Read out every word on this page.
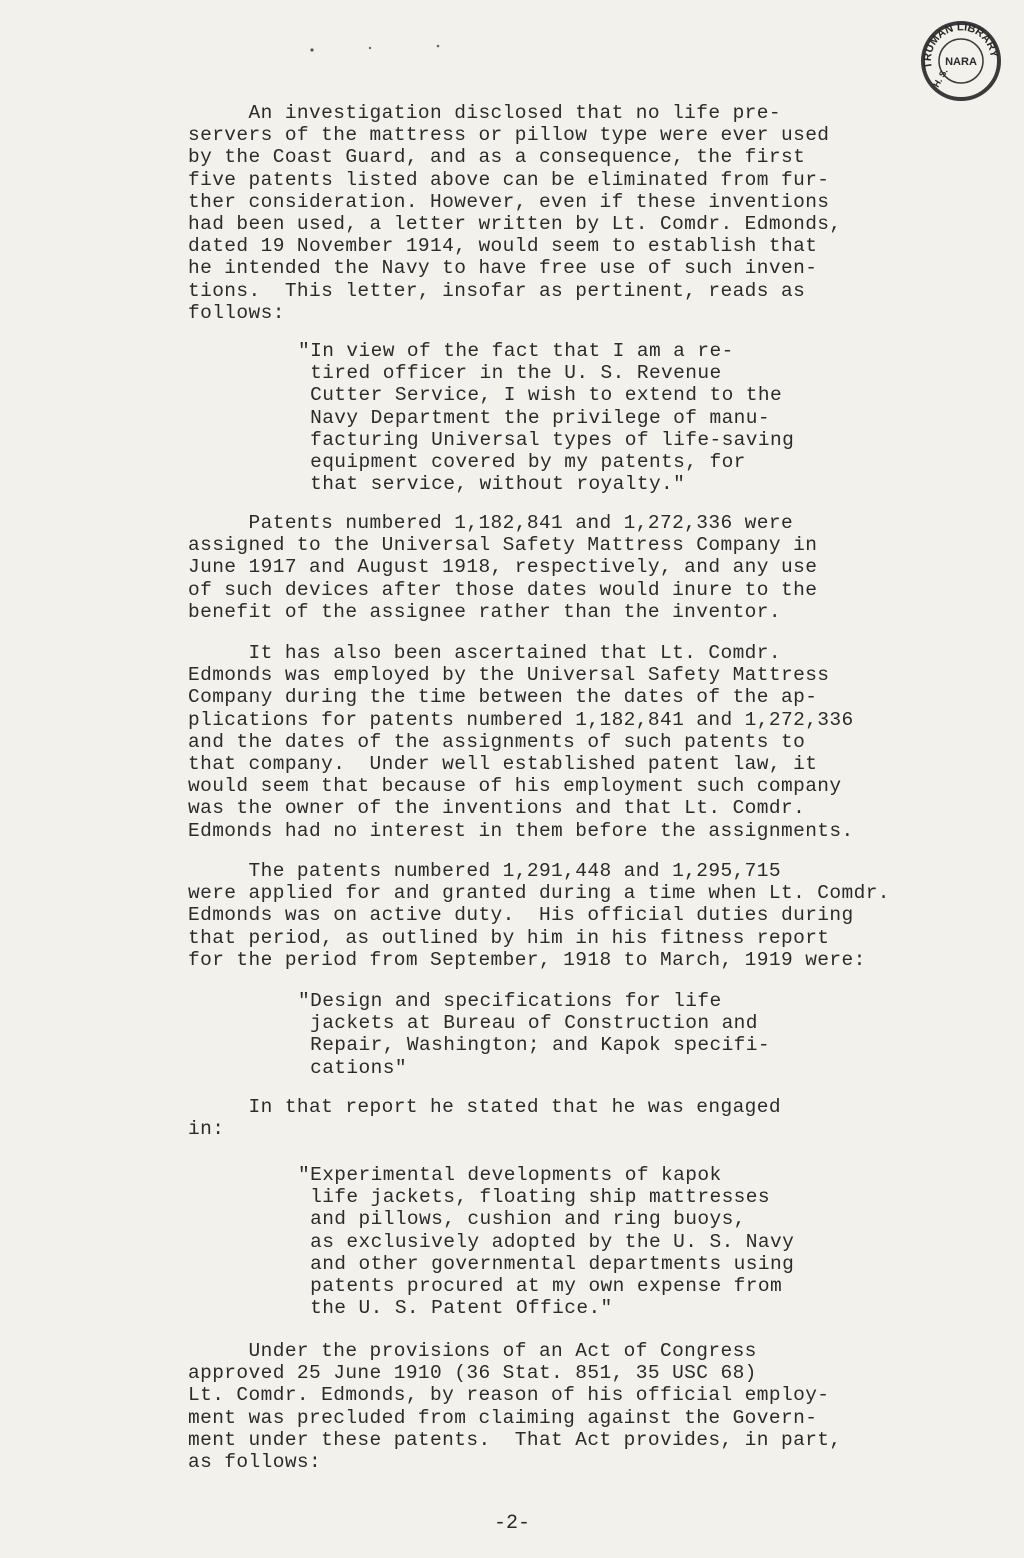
TRUMAN LIBRARY
NARA
H. S.
An investigation disclosed that no life pre-
servers of the mattress or pillow type were ever used
by the Coast Guard, and as a consequence, the first
five patents listed above can be eliminated from fur-
ther consideration. However, even if these inventions
had been used, a letter written by Lt. Comdr. Edmonds,
dated 19 November 1914, would seem to establish that
he intended the Navy to have free use of such inven-
tions.  This letter, insofar as pertinent, reads as
follows:
"In view of the fact that I am a re-
tired officer in the U. S. Revenue
Cutter Service, I wish to extend to the
Navy Department the privilege of manu-
facturing Universal types of life-saving
equipment covered by my patents, for
that service, without royalty."
Patents numbered 1,182,841 and 1,272,336 were
assigned to the Universal Safety Mattress Company in
June 1917 and August 1918, respectively, and any use
of such devices after those dates would inure to the
benefit of the assignee rather than the inventor.
It has also been ascertained that Lt. Comdr.
Edmonds was employed by the Universal Safety Mattress
Company during the time between the dates of the ap-
plications for patents numbered 1,182,841 and 1,272,336
and the dates of the assignments of such patents to
that company.  Under well established patent law, it
would seem that because of his employment such company
was the owner of the inventions and that Lt. Comdr.
Edmonds had no interest in them before the assignments.
The patents numbered 1,291,448 and 1,295,715
were applied for and granted during a time when Lt. Comdr.
Edmonds was on active duty.  His official duties during
that period, as outlined by him in his fitness report
for the period from September, 1918 to March, 1919 were:
"Design and specifications for life
jackets at Bureau of Construction and
Repair, Washington; and Kapok specifi-
cations"
In that report he stated that he was engaged
in:
"Experimental developments of kapok
life jackets, floating ship mattresses
and pillows, cushion and ring buoys,
as exclusively adopted by the U. S. Navy
and other governmental departments using
patents procured at my own expense from
the U. S. Patent Office."
Under the provisions of an Act of Congress
approved 25 June 1910 (36 Stat. 851, 35 USC 68)
Lt. Comdr. Edmonds, by reason of his official employ-
ment was precluded from claiming against the Govern-
ment under these patents.  That Act provides, in part,
as follows:
-2-
